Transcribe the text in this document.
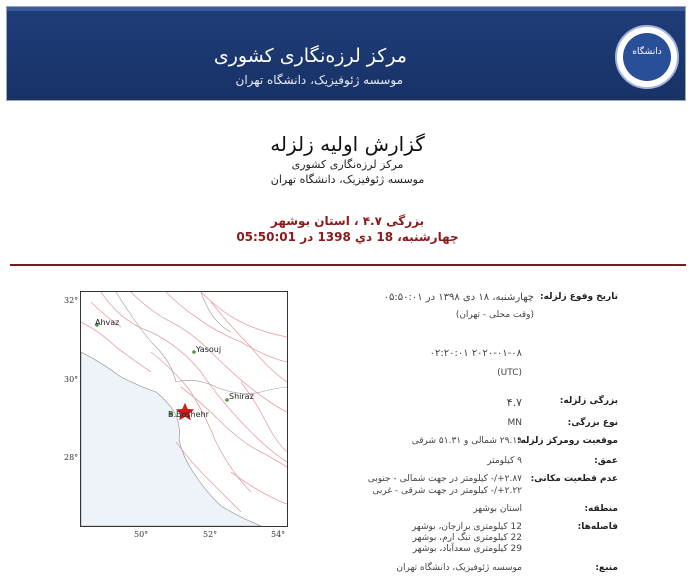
مرکز لرزه‌نگاری کشوری
موسسه ژئوفیزیک، دانشگاه تهران
دانشگاه
گزارش اولیه زلزله
مرکز لرزه‌نگاری کشوری
موسسه ژئوفیزیک، دانشگاه تهران
بزرگی ۴.۷ ، استان بوشهر
چهارشنبه، 18 دي 1398 در 05:50:01
32°
30°
28°
50°	52°	54°
Ahvaz
Yasouj
Shiraz
B.Boshehr
تاریخ وقوع زلزله:
چهارشنبه، ۱۸ دی ۱۳۹۸ در ۰۵:۵۰:۰۱
(وقت محلی - تهران)
۲۰۲۰-۰۱-۰۸ ۰۲:۲۰:۰۱
(UTC)
بزرگی زلزله:
۴.۷
نوع بزرگی:
MN
موقعیت رومرکز زلزله:
۲۹.۱۹ شمالی و ۵۱.۳۱ شرقی
عمق:
۹ کیلومتر
عدم قطعیت مکانی:
۲.۸۷+/- کیلومتر در جهت شمالی - جنوبی
۲.۲۲+/- کیلومتر در جهت شرقی - غربی
منطقه:
استان بوشهر
فاصله‌ها:
12 کیلومتری برازجان، بوشهر
22 کیلومتری تنگ ارم، بوشهر
29 کیلومتری سعدآباد، بوشهر
منبع:
موسسه ژئوفیزیک، دانشگاه تهران
